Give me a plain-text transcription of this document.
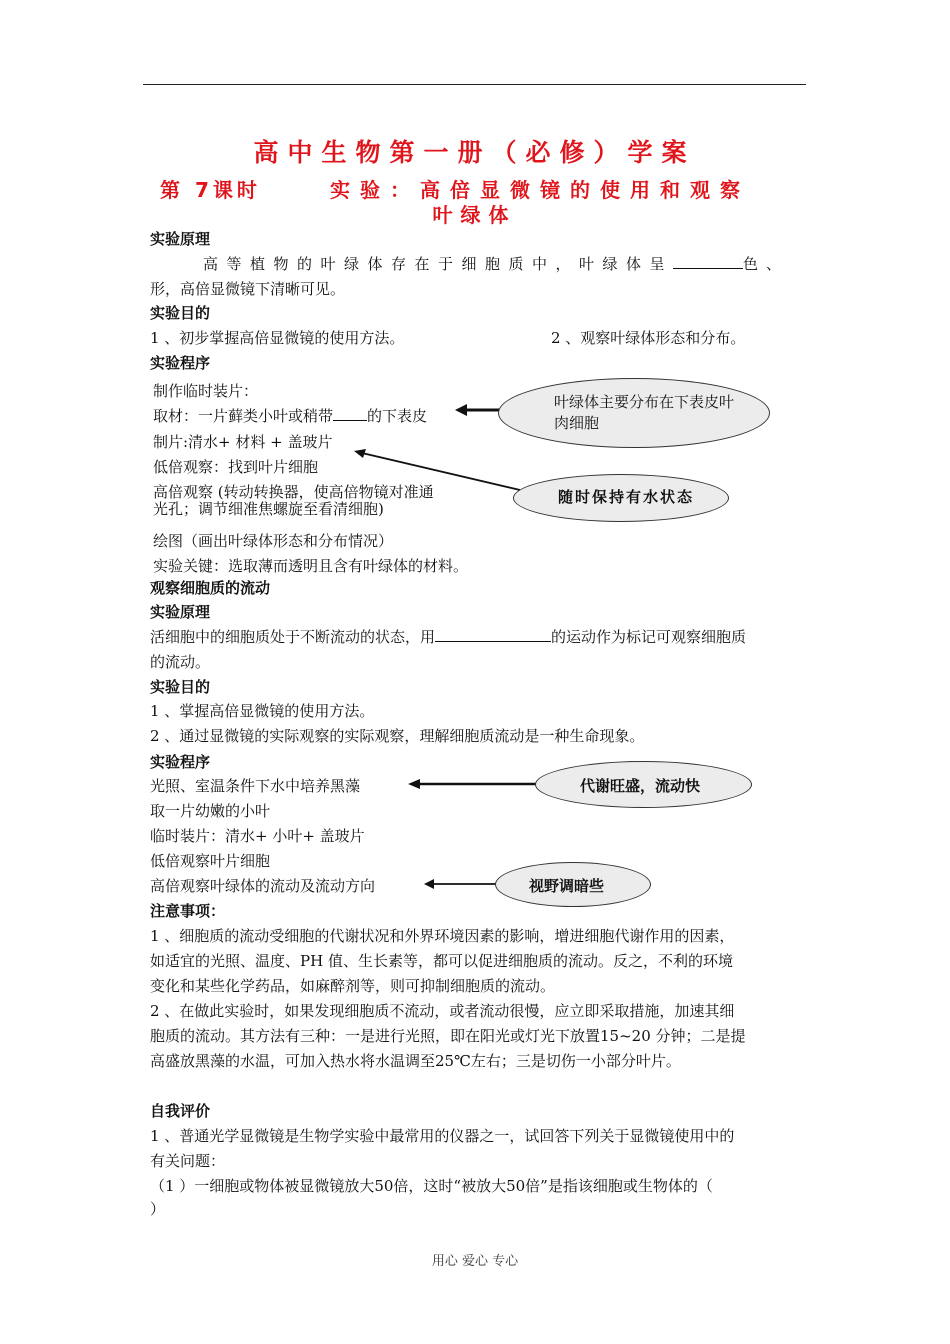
高中生物第一册（必修）学案
第 7课时	实验：高倍显微镜的使用和观察
叶绿体
实验原理
高等植物的叶绿体存在于细胞质中，叶绿体呈	色、
形，高倍显微镜下清晰可见。
实验目的
1 、初步掌握高倍显微镜的使用方法。	2 、观察叶绿体形态和分布。
实验程序
制作临时装片：
取材：一片藓类小叶或稍带 的下表皮
制片:清水+ 材料 + 盖玻片
低倍观察：找到叶片细胞
高倍观察 (转动转换器，使高倍物镜对准通
光孔；调节细准焦螺旋至看清细胞)
绘图（画出叶绿体形态和分布情况）
实验关键：选取薄而透明且含有叶绿体的材料。
叶绿体主要分布在下表皮叶肉细胞
随时保持有水状态
观察细胞质的流动
实验原理
活细胞中的细胞质处于不断流动的状态，用	的运动作为标记可观察细胞质
的流动。
实验目的
1 、掌握高倍显微镜的使用方法。
2 、通过显微镜的实际观察的实际观察，理解细胞质流动是一种生命现象。
实验程序
光照、室温条件下水中培养黑藻
取一片幼嫩的小叶
临时装片：清水+ 小叶+ 盖玻片
低倍观察叶片细胞
高倍观察叶绿体的流动及流动方向
代谢旺盛，流动快
视野调暗些
注意事项：
1 、细胞质的流动受细胞的代谢状况和外界环境因素的影响，增进细胞代谢作用的因素，
如适宜的光照、温度、PH 值、生长素等，都可以促进细胞质的流动。反之，不利的环境
变化和某些化学药品，如麻醉剂等，则可抑制细胞质的流动。
2 、在做此实验时，如果发现细胞质不流动，或者流动很慢，应立即采取措施，加速其细
胞质的流动。其方法有三种：一是进行光照，即在阳光或灯光下放置15~20 分钟；二是提
高盛放黑藻的水温，可加入热水将水温调至25℃左右；三是切伤一小部分叶片。
自我评价
1 、普通光学显微镜是生物学实验中最常用的仪器之一，试回答下列关于显微镜使用中的
有关问题：
（1 ）一细胞或物体被显微镜放大50倍，这时“被放大50倍”是指该细胞或生物体的（
）
用心 爱心 专心
